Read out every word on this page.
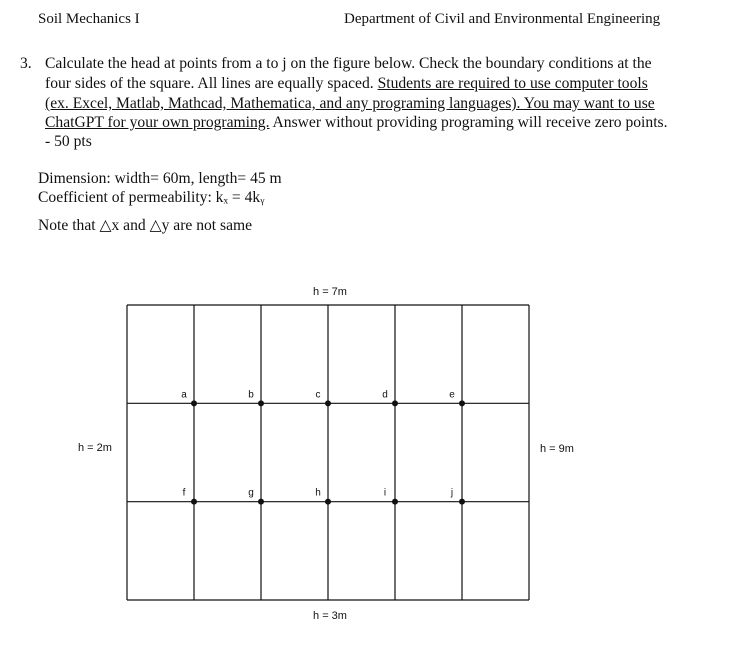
Soil Mechanics I	Department of Civil and Environmental Engineering
3. Calculate the head at points from a to j on the figure below. Check the boundary conditions at the
four sides of the square. All lines are equally spaced. Students are required to use computer tools
(ex. Excel, Matlab, Mathcad, Mathematica, and any programing languages). You may want to use
ChatGPT for your own programing. Answer without providing programing will receive zero points.
- 50 pts
Dimension: width= 60m, length= 45 m
Coefficient of permeability: kₓ = 4kᵧ
Note that △x and △y are not same
a	b	c	d	e
f	g	h	i	j
h = 7m
h = 3m
h = 2m	h = 9m
